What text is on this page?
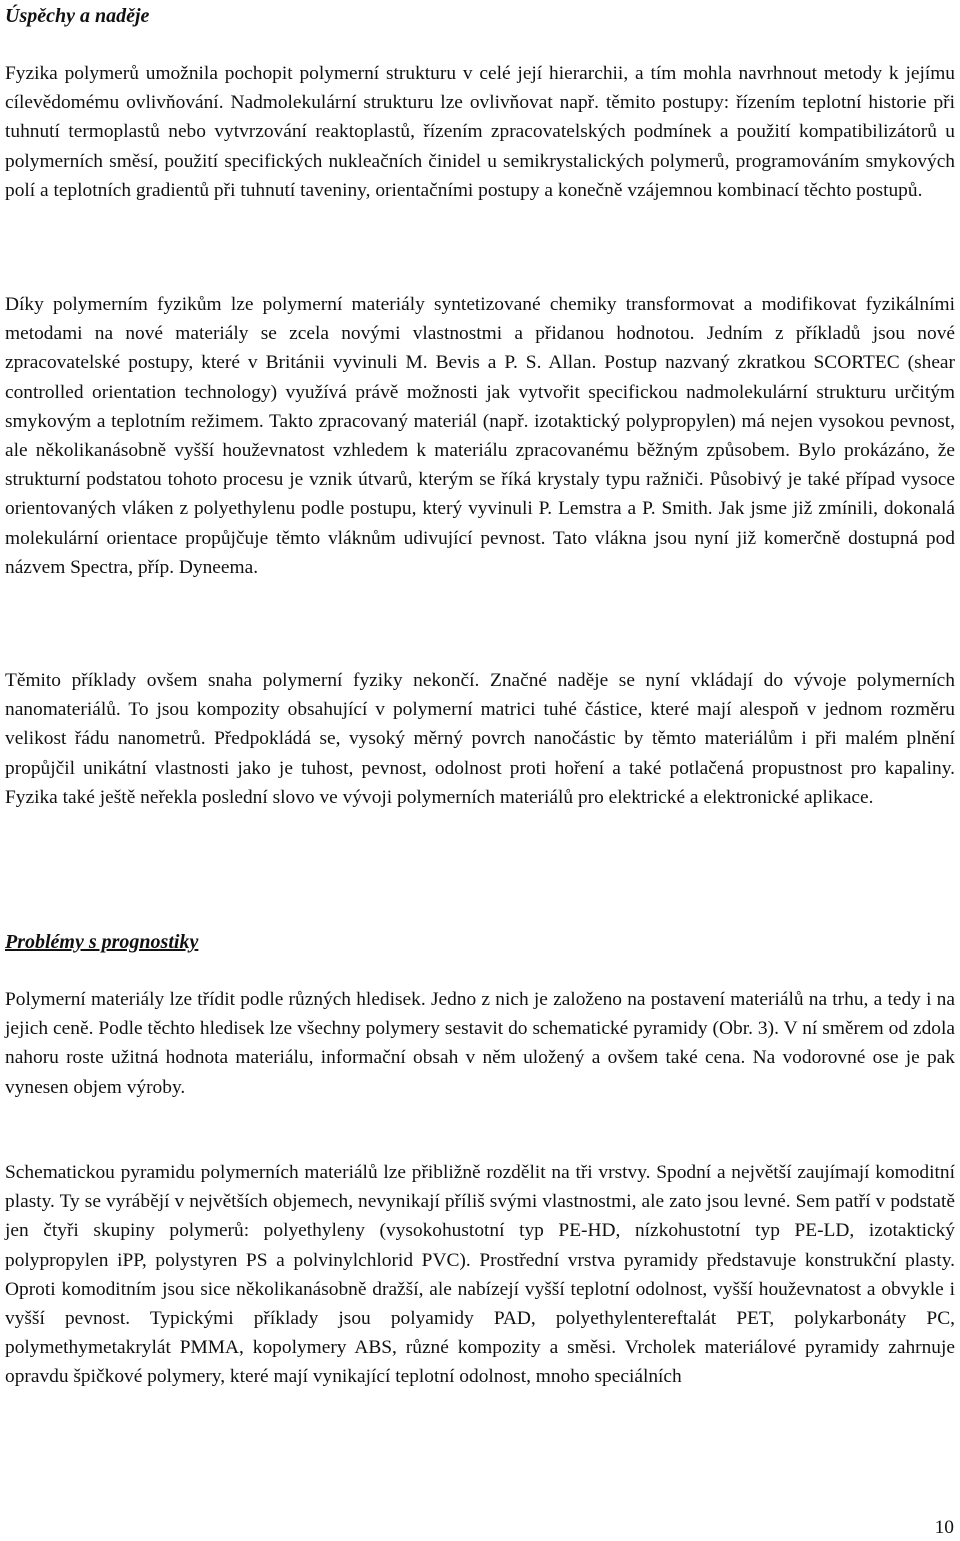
Úspěchy a naděje

Fyzika polymerů umožnila pochopit polymerní strukturu v celé její hierarchii, a tím mohla navrhnout metody k jejímu cílevědomému ovlivňování. Nadmolekulární strukturu lze ovlivňovat např. těmito postupy: řízením teplotní historie při tuhnutí termoplastů nebo vytvrzování reaktoplastů, řízením zpracovatelských podmínek a použití kompatibilizátorů u polymerních směsí, použití specifických nukleačních činidel u semikrystalických polymerů, programováním smykových polí a teplotních gradientů při tuhnutí taveniny, orientačními postupy a konečně vzájemnou kombinací těchto postupů.

Díky polymerním fyzikům lze polymerní materiály syntetizované chemiky transformovat a modifikovat fyzikálními metodami na nové materiály se zcela novými vlastnostmi a přidanou hodnotou. Jedním z příkladů jsou nové zpracovatelské postupy, které v Británii vyvinuli M. Bevis a P. S. Allan. Postup nazvaný zkratkou SCORTEC (shear controlled orientation technology) využívá právě možnosti jak vytvořit specifickou nadmolekulární strukturu určitým smykovým a teplotním režimem. Takto zpracovaný materiál (např. izotaktický polypropylen) má nejen vysokou pevnost, ale několikanásobně vyšší houževnatost vzhledem k materiálu zpracovanému běžným způsobem. Bylo prokázáno, že strukturní podstatou tohoto procesu je vznik útvarů, kterým se říká krystaly typu ražniči. Působivý je také případ vysoce orientovaných vláken z polyethylenu podle postupu, který vyvinuli P. Lemstra a P. Smith. Jak jsme již zmínili, dokonalá molekulární orientace propůjčuje těmto vláknům udivující pevnost. Tato vlákna jsou nyní již komerčně dostupná pod názvem Spectra, příp. Dyneema.

Těmito příklady ovšem snaha polymerní fyziky nekončí. Značné naděje se nyní vkládají do vývoje polymerních nanomateriálů. To jsou kompozity obsahující v polymerní matrici tuhé částice, které mají alespoň v jednom rozměru velikost řádu nanometrů. Předpokládá se, vysoký měrný povrch nanočástic by těmto materiálům i při malém plnění propůjčil unikátní vlastnosti jako je tuhost, pevnost, odolnost proti hoření a také potlačená propustnost pro kapaliny. Fyzika také ještě neřekla poslední slovo ve vývoji polymerních materiálů pro elektrické a elektronické aplikace.

Problémy s prognostiky

Polymerní materiály lze třídit podle různých hledisek. Jedno z nich je založeno na postavení materiálů na trhu, a tedy i na jejich ceně. Podle těchto hledisek lze všechny polymery sestavit do schematické pyramidy (Obr. 3). V ní směrem od zdola nahoru roste užitná hodnota materiálu, informační obsah v něm uložený a ovšem také cena. Na vodorovné ose je pak vynesen objem výroby.

Schematickou pyramidu polymerních materiálů lze přibližně rozdělit na tři vrstvy. Spodní a největší zaujímají komoditní plasty. Ty se vyrábějí v největších objemech, nevynikají příliš svými vlastnostmi, ale zato jsou levné. Sem patří v podstatě jen čtyři skupiny polymerů: polyethyleny (vysokohustotní typ PE-HD, nízkohustotní typ PE-LD, izotaktický polypropylen iPP, polystyren PS a polvinylchlorid PVC). Prostřední vrstva pyramidy představuje konstrukční plasty. Oproti komoditním jsou sice několikanásobně dražší, ale nabízejí vyšší teplotní odolnost, vyšší houževnatost a obvykle i vyšší pevnost. Typickými příklady jsou polyamidy PAD, polyethylentereftalát PET, polykarbonáty PC, polymethymetakrylát PMMA, kopolymery ABS, různé kompozity a směsi. Vrcholek materiálové pyramidy zahrnuje opravdu špičkové polymery, které mají vynikající teplotní odolnost, mnoho speciálních

10
